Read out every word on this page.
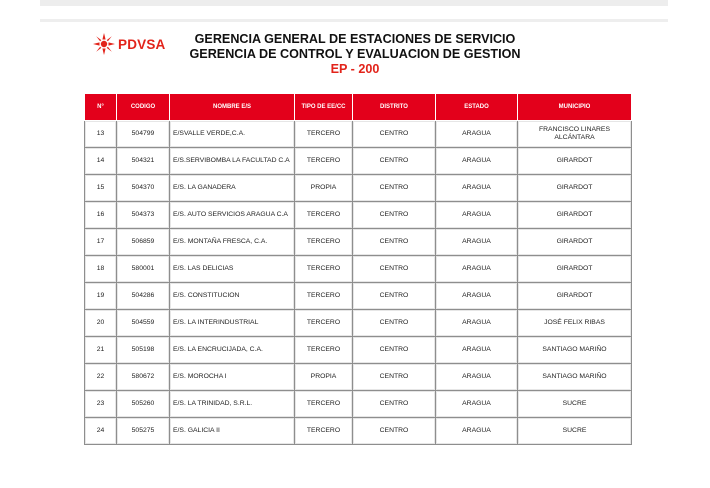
PDVSA	GERENCIA GENERAL DE ESTACIONES DE SERVICIO
GERENCIA DE CONTROL Y EVALUACION DE GESTION
EP - 200
N°	CODIGO	NOMBRE E/S	TIPO DE EE/CC	DISTRITO	ESTADO	MUNICIPIO
13	504799	E/SVALLE VERDE,C.A.	TERCERO	CENTRO	ARAGUA	FRANCISCO LINARES ALCÁNTARA
14	504321	E/S.SERVIBOMBA LA FACULTAD C.A	TERCERO	CENTRO	ARAGUA	GIRARDOT
15	504370	E/S. LA GANADERA	PROPIA	CENTRO	ARAGUA	GIRARDOT
16	504373	E/S. AUTO SERVICIOS ARAGUA C.A	TERCERO	CENTRO	ARAGUA	GIRARDOT
17	506859	E/S. MONTAÑA FRESCA, C.A.	TERCERO	CENTRO	ARAGUA	GIRARDOT
18	580001	E/S. LAS DELICIAS	TERCERO	CENTRO	ARAGUA	GIRARDOT
19	504286	E/S. CONSTITUCION	TERCERO	CENTRO	ARAGUA	GIRARDOT
20	504559	E/S. LA INTERINDUSTRIAL	TERCERO	CENTRO	ARAGUA	JOSÉ FELIX RIBAS
21	505198	E/S. LA ENCRUCIJADA, C.A.	TERCERO	CENTRO	ARAGUA	SANTIAGO MARIÑO
22	580672	E/S. MOROCHA I	PROPIA	CENTRO	ARAGUA	SANTIAGO MARIÑO
23	505260	E/S. LA TRINIDAD, S.R.L.	TERCERO	CENTRO	ARAGUA	SUCRE
24	505275	E/S. GALICIA II	TERCERO	CENTRO	ARAGUA	SUCRE
